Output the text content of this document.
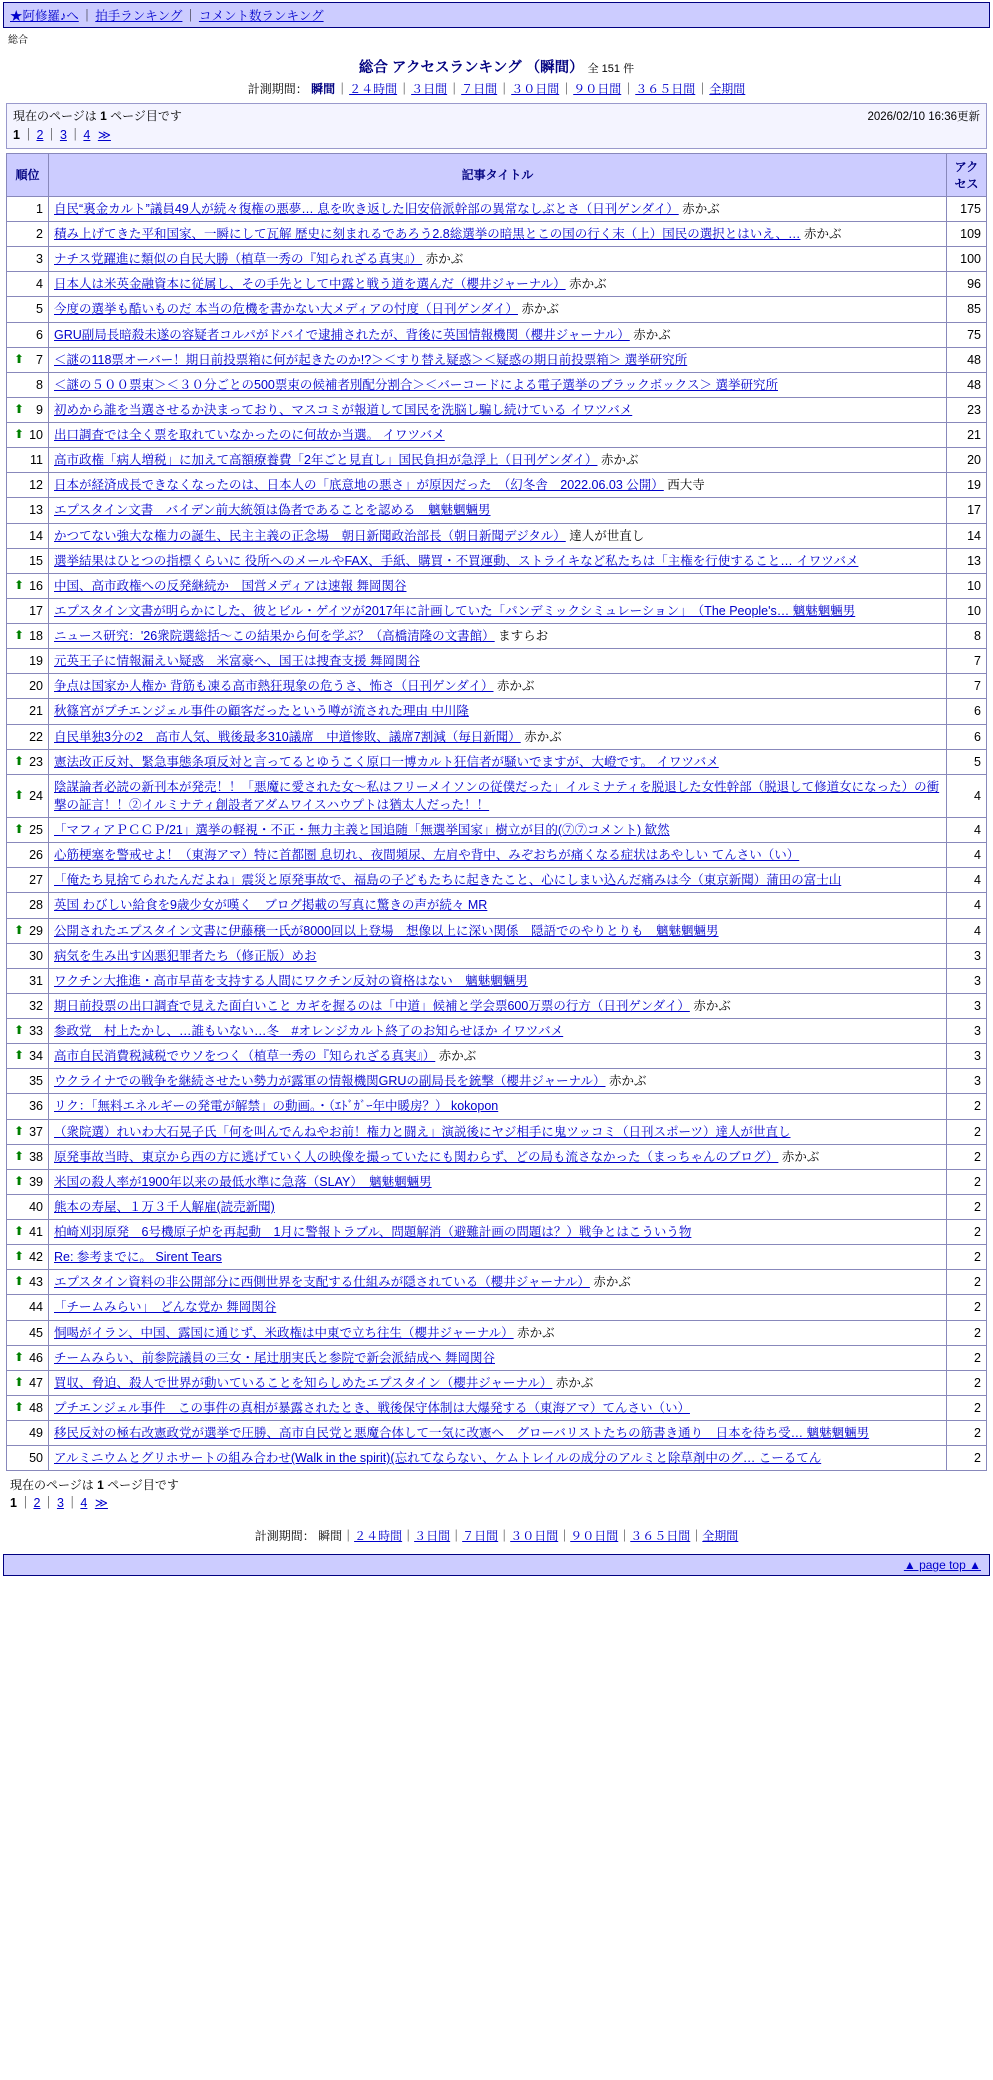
★阿修羅♪へ ｜ 拍手ランキング ｜ コメント数ランキング
総合
総合 アクセスランキング （瞬間） 全 151 件
計測期間： 瞬間｜２４時間｜３日間｜７日間｜３０日間｜９０日間｜３６５日間｜全期間
現在のページは 1 ページ目です
1 ｜ 2 ｜ 3 ｜ 4 ≫
2026/02/10 16:36更新
順位	記事タイトル	アクセス
1	自民“裏金カルト”議員49人が続々復権の悪夢… 息を吹き返した旧安倍派幹部の異常なしぶとさ（日刊ゲンダイ） 赤かぶ	175
2	積み上げてきた平和国家、一瞬にして瓦解 歴史に刻まれるであろう2.8総選挙の暗黒とこの国の行く末（上）国民の選択とはいえ、… 赤かぶ	109
3	ナチス党躍進に類似の自民大勝（植草一秀の『知られざる真実』） 赤かぶ	100
4	日本人は米英金融資本に従属し、その手先として中露と戦う道を選んだ（櫻井ジャーナル） 赤かぶ	96
5	今度の選挙も酷いものだ 本当の危機を書かない大メディアの忖度（日刊ゲンダイ） 赤かぶ	85
6	GRU副局長暗殺未遂の容疑者コルパがドバイで逮捕されたが、背後に英国情報機関（櫻井ジャーナル） 赤かぶ	75

⬆ 7	＜謎の118票オーバー！期日前投票箱に何が起きたのか!?＞＜すり替え疑惑＞＜疑惑の期日前投票箱＞ 選挙研究所	48
8	＜謎の５００票束＞＜３０分ごとの500票束の候補者別配分割合＞＜バーコードによる電子選挙のブラックボックス＞ 選挙研究所	48

⬆ 9	初めから誰を当選させるか決まっており、マスコミが報道して国民を洗脳し騙し続けている イワツバメ	23

⬆ 10	出口調査では全く票を取れていなかったのに何故か当選。 イワツバメ	21
11	高市政権「病人増税」に加えて高額療養費「2年ごと見直し」国民負担が急浮上（日刊ゲンダイ） 赤かぶ	20
12	日本が経済成長できなくなったのは、日本人の「底意地の悪さ」が原因だった　（幻冬舎　2022.06.03 公開） 西大寺	19
13	エプスタイン文書　バイデン前大統領は偽者であることを認める　魑魅魍魎男	17
14	かつてない強大な権力の誕生、民主主義の正念場　朝日新聞政治部長（朝日新聞デジタル） 達人が世直し	14
15	選挙結果はひとつの指標くらいに 役所へのメールやFAX、手紙、購買・不買運動、ストライキなど私たちは「主権を行使すること… イワツバメ	13

⬆ 16	中国、高市政権への反発継続か　国営メディアは速報 舞岡関谷	10
17	エプスタイン文書が明らかにした、彼とビル・ゲイツが2017年に計画していた「パンデミックシミュレーション」　（The People's… 魑魅魍魎男	10

⬆ 18	ニュース研究：'26衆院選総括〜この結果から何を学ぶ？（高橋清隆の文書館） ますらお	8
19	元英王子に情報漏えい疑惑　米富豪へ、国王は捜査支援 舞岡関谷	7
20	争点は国家か人権か 背筋も凍る高市熱狂現象の危うさ、怖さ（日刊ゲンダイ） 赤かぶ	7
21	秋篠宮がプチエンジェル事件の顧客だったという噂が流された理由 中川隆	6
22	自民単独3分の2　高市人気、戦後最多310議席　中道惨敗、議席7割減（毎日新聞） 赤かぶ	6

⬆ 23	憲法改正反対、緊急事態条項反対と言ってるとゆうこく原口一博カルト狂信者が騒いでますが、大嶝です。 イワツバメ	5

⬆ 24	陰謀論者必読の新刊本が発売！！「悪魔に愛された女〜私はフリーメイソンの従僕だった」イルミナティを脱退した女性幹部（脱退して修道女になった）の衝撃の証言！！②イルミナティ創設者アダムワイスハウプトは猶太人だった！！	4

⬆ 25	「マフィアＰＣＣＰ/21」選挙の軽視・不正・無力主義と国追随「無選挙国家」樹立が目的(⑦⑦コメント) 歓然	4
26	心筋梗塞を警戒せよ！（東海アマ）特に首都圏 息切れ、夜間頻尿、左肩や背中、みぞおちが痛くなる症状はあやしい てんさい（い）	4
27	「俺たち見捨てられたんだよね」震災と原発事故で、福島の子どもたちに起きたこと、心にしまい込んだ痛みは今（東京新聞）蒲田の富士山	4
28	英国 わびしい給食を9歳少女が嘆く　ブログ掲載の写真に驚きの声が続々 MR	4

⬆ 29	公開されたエプスタイン文書に伊藤穣一氏が8000回以上登場　想像以上に深い関係　隠語でのやりとりも　魑魅魍魎男	4
30	病気を生み出す凶悪犯罪者たち（修正版）めお	3
31	ワクチン大推進・高市早苗を支持する人間にワクチン反対の資格はない　魑魅魍魎男	3
32	期日前投票の出口調査で見えた面白いこと カギを握るのは「中道」候補と学会票600万票の行方（日刊ゲンダイ） 赤かぶ	3

⬆ 33	参政党　村上たかし、…誰もいない…冬　#オレンジカルト終了のお知らせほか イワツバメ	3

⬆ 34	高市自民消費税減税でウソをつく（植草一秀の『知られざる真実』） 赤かぶ	3
35	ウクライナでの戦争を継続させたい勢力が露軍の情報機関GRUの副局長を銃撃（櫻井ジャーナル） 赤かぶ	3
36	リク：「無料エネルギーの発電が解禁」の動画。・（ｴﾄﾞｶﾞｰ年中暖房？） kokopon	2

⬆ 37	（衆院選）れいわ大石晃子氏「何を叫んでんねやお前！権力と闘え」演説後にヤジ相手に鬼ツッコミ（日刊スポーツ）達人が世直し	2

⬆ 38	原発事故当時、東京から西の方に逃げていく人の映像を撮っていたにも関わらず、どの局も流さなかった（まっちゃんのブログ） 赤かぶ	2

⬆ 39	米国の殺人率が1900年以来の最低水準に急落（SLAY）　魑魅魍魎男	2
40	熊本の寿屋、１万３千人解雇(読売新聞)	2

⬆ 41	柏崎刈羽原発　6号機原子炉を再起動　1月に警報トラブル、問題解消（避難計画の問題は？）戦争とはこういう物	2

⬆ 42	Re: 参考までに。 Sirent Tears	2

⬆ 43	エプスタイン資料の非公開部分に西側世界を支配する仕組みが隠されている（櫻井ジャーナル） 赤かぶ	2
44	「チームみらい」　どんな党か 舞岡関谷	2
45	恫喝がイラン、中国、露国に通じず、米政権は中東で立ち往生（櫻井ジャーナル） 赤かぶ	2

⬆ 46	チームみらい、前参院議員の三女・尾辻朋実氏と参院で新会派結成へ 舞岡関谷	2

⬆ 47	買収、脅迫、殺人で世界が動いていることを知らしめたエプスタイン（櫻井ジャーナル） 赤かぶ	2

⬆ 48	プチエンジェル事件　この事件の真相が暴露されたとき、戦後保守体制は大爆発する（東海アマ）てんさい（い）	2
49	移民反対の極右改憲政党が選挙で圧勝、高市自民党と悪魔合体して一気に改憲へ　グローバリストたちの筋書き通り　日本を待ち受… 魑魅魍魎男	2
50	アルミニウムとグリホサートの組み合わせ(Walk in the spirit)(忘れてならない、ケムトレイルの成分のアルミと除草剤中のグ… こーるてん	2
現在のページは 1 ページ目です
1 ｜ 2 ｜ 3 ｜ 4 ≫
計測期間： 瞬間｜２４時間｜３日間｜７日間｜３０日間｜９０日間｜３６５日間｜全期間
▲ page top ▲
